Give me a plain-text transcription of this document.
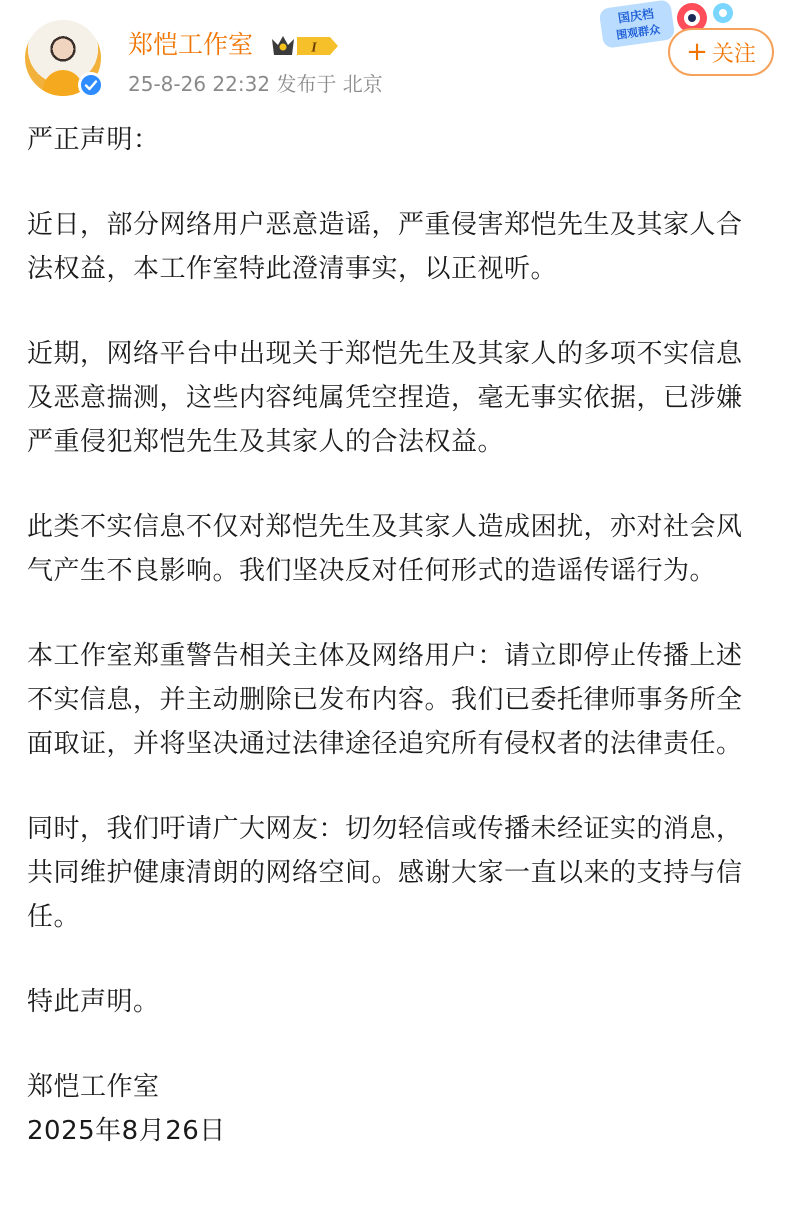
郑恺工作室	I
25-8-26 22:32 发布于 北京
国庆档
围观群众
+ 关注

严正声明：

近日，部分网络用户恶意造谣，严重侵害郑恺先生及其家人合法权益，本工作室特此澄清事实，以正视听。

近期，网络平台中出现关于郑恺先生及其家人的多项不实信息及恶意揣测，这些内容纯属凭空捏造，毫无事实依据，已涉嫌严重侵犯郑恺先生及其家人的合法权益。

此类不实信息不仅对郑恺先生及其家人造成困扰，亦对社会风气产生不良影响。我们坚决反对任何形式的造谣传谣行为。

本工作室郑重警告相关主体及网络用户：请立即停止传播上述不实信息，并主动删除已发布内容。我们已委托律师事务所全面取证，并将坚决通过法律途径追究所有侵权者的法律责任。

同时，我们吁请广大网友：切勿轻信或传播未经证实的消息，共同维护健康清朗的网络空间。感谢大家一直以来的支持与信任。

特此声明。

郑恺工作室

2025年8月26日
